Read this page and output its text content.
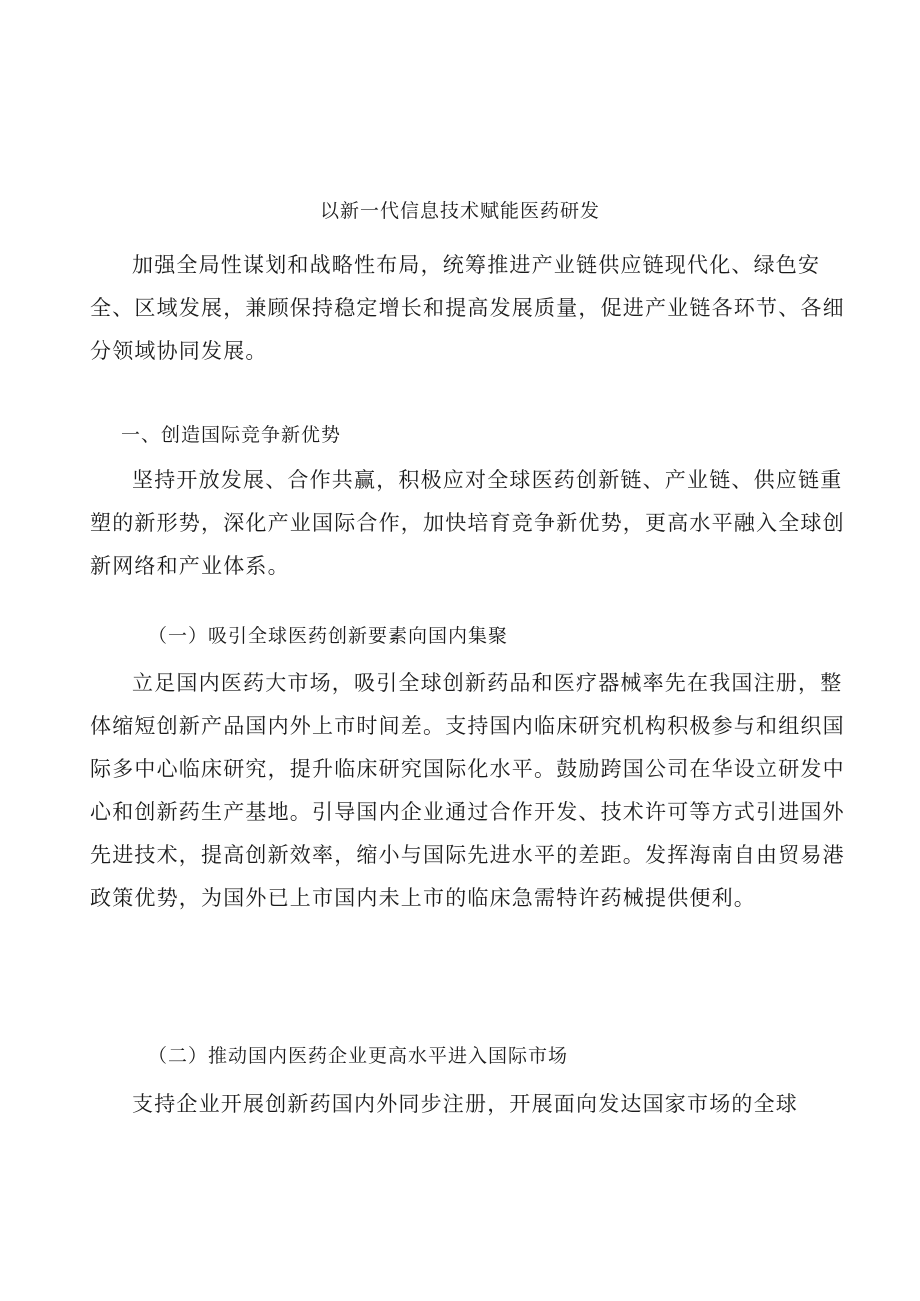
以新一代信息技术赋能医药研发

加强全局性谋划和战略性布局，统筹推进产业链供应链现代化、绿色安全、区域发展，兼顾保持稳定增长和提高发展质量，促进产业链各环节、各细分领域协同发展。

一、创造国际竞争新优势

坚持开放发展、合作共赢，积极应对全球医药创新链、产业链、供应链重塑的新形势，深化产业国际合作，加快培育竞争新优势，更高水平融入全球创新网络和产业体系。

（一）吸引全球医药创新要素向国内集聚

立足国内医药大市场，吸引全球创新药品和医疗器械率先在我国注册，整体缩短创新产品国内外上市时间差。支持国内临床研究机构积极参与和组织国际多中心临床研究，提升临床研究国际化水平。鼓励跨国公司在华设立研发中心和创新药生产基地。引导国内企业通过合作开发、技术许可等方式引进国外先进技术，提高创新效率，缩小与国际先进水平的差距。发挥海南自由贸易港政策优势，为国外已上市国内未上市的临床急需特许药械提供便利。

（二）推动国内医药企业更高水平进入国际市场

支持企业开展创新药国内外同步注册，开展面向发达国家市场的全球
